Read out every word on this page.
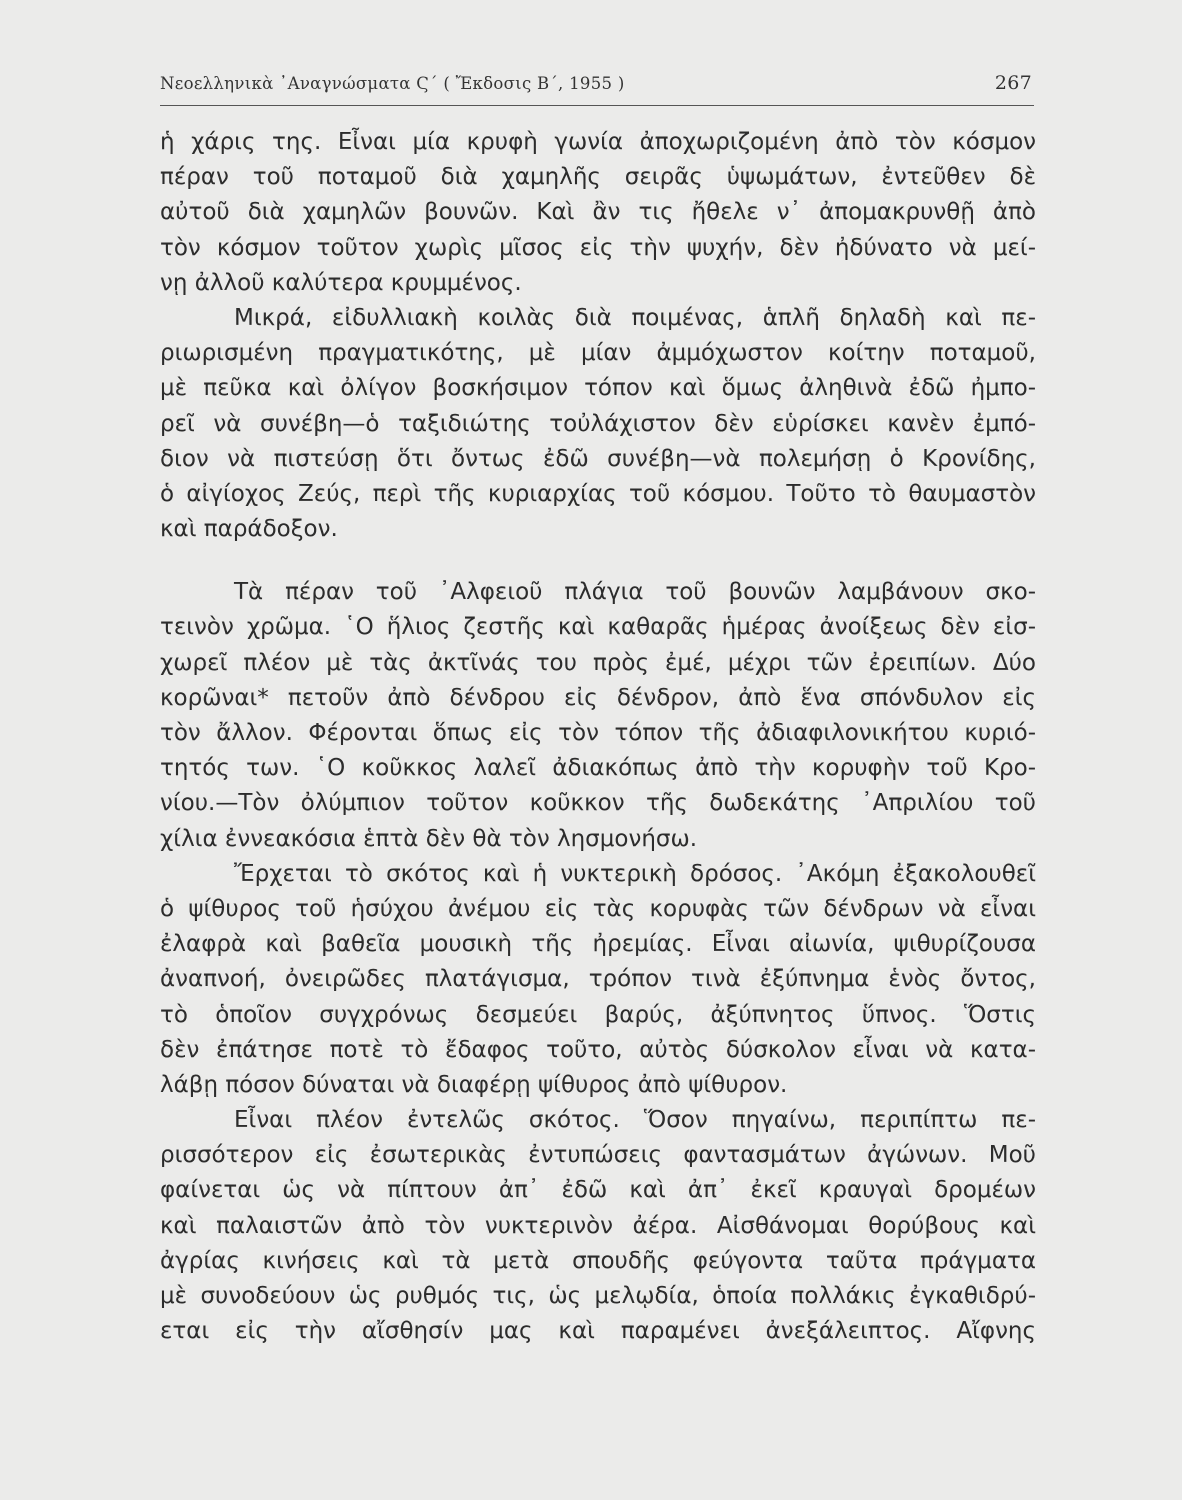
Νεοελληνικὰ ᾿Αναγνώσματα Ϛ΄ ( Ἔκδοσις Β΄, 1955 )	267
ἡ χάρις της. Εἶναι μία κρυφὴ γωνία ἀποχωριζομένη ἀπὸ τὸν κόσμον
πέραν τοῦ ποταμοῦ διὰ χαμηλῆς σειρᾶς ὑψωμάτων, ἐντεῦθεν δὲ
αὐτοῦ διὰ χαμηλῶν βουνῶν. Καὶ ἂν τις ἤθελε ν᾿ ἀπομακρυνθῇ ἀπὸ
τὸν κόσμον τοῦτον χωρὶς μῖσος εἰς τὴν ψυχήν, δὲν ἠδύνατο νὰ μεί-
νῃ ἀλλοῦ καλύτερα κρυμμένος.
Μικρά, εἰδυλλιακὴ κοιλὰς διὰ ποιμένας, ἁπλῆ δηλαδὴ καὶ πε-
ριωρισμένη πραγματικότης, μὲ μίαν ἀμμόχωστον κοίτην ποταμοῦ,
μὲ πεῦκα καὶ ὀλίγον βοσκήσιμον τόπον καὶ ὅμως ἀληθινὰ ἐδῶ ἠμπο-
ρεῖ νὰ συνέβη—ὁ ταξιδιώτης τοὐλάχιστον δὲν εὑρίσκει κανὲν ἐμπό-
διον νὰ πιστεύσῃ ὅτι ὄντως ἐδῶ συνέβη—νὰ πολεμήσῃ ὁ Κρονίδης,
ὁ αἰγίοχος Ζεύς, περὶ τῆς κυριαρχίας τοῦ κόσμου. Τοῦτο τὸ θαυμαστὸν
καὶ παράδοξον.
Τὰ πέραν τοῦ ᾿Αλφειοῦ πλάγια τοῦ βουνῶν λαμβάνουν σκο-
τεινὸν χρῶμα. ῾Ο ἥλιος ζεστῆς καὶ καθαρᾶς ἡμέρας ἀνοίξεως δὲν εἰσ-
χωρεῖ πλέον μὲ τὰς ἀκτῖνάς του πρὸς ἐμέ, μέχρι τῶν ἐρειπίων. Δύο
κορῶναι* πετοῦν ἀπὸ δένδρου εἰς δένδρον, ἀπὸ ἕνα σπόνδυλον εἰς
τὸν ἄλλον. Φέρονται ὅπως εἰς τὸν τόπον τῆς ἀδιαφιλονικήτου κυριό-
τητός των. ῾Ο κοῦκκος λαλεῖ ἀδιακόπως ἀπὸ τὴν κορυφὴν τοῦ Κρο-
νίου.—Τὸν ὀλύμπιον τοῦτον κοῦκκον τῆς δωδεκάτης ᾿Απριλίου τοῦ
χίλια ἐννεακόσια ἑπτὰ δὲν θὰ τὸν λησμονήσω.
Ἔρχεται τὸ σκότος καὶ ἡ νυκτερικὴ δρόσος. ᾿Ακόμη ἐξακολουθεῖ
ὁ ψίθυρος τοῦ ἡσύχου ἀνέμου εἰς τὰς κορυφὰς τῶν δένδρων νὰ εἶναι
ἐλαφρὰ καὶ βαθεῖα μουσικὴ τῆς ἠρεμίας. Εἶναι αἰωνία, ψιθυρίζουσα
ἀναπνοή, ὀνειρῶδες πλατάγισμα, τρόπον τινὰ ἐξύπνημα ἑνὸς ὄντος,
τὸ ὁποῖον συγχρόνως δεσμεύει βαρύς, ἀξύπνητος ὕπνος. Ὅστις
δὲν ἐπάτησε ποτὲ τὸ ἔδαφος τοῦτο, αὐτὸς δύσκολον εἶναι νὰ κατα-
λάβῃ πόσον δύναται νὰ διαφέρῃ ψίθυρος ἀπὸ ψίθυρον.
Εἶναι πλέον ἐντελῶς σκότος. Ὅσον πηγαίνω, περιπίπτω πε-
ρισσότερον εἰς ἐσωτερικὰς ἐντυπώσεις φαντασμάτων ἀγώνων. Μοῦ
φαίνεται ὡς νὰ πίπτουν ἀπ᾿ ἐδῶ καὶ ἀπ᾿ ἐκεῖ κραυγαὶ δρομέων
καὶ παλαιστῶν ἀπὸ τὸν νυκτερινὸν ἀέρα. Αἰσθάνομαι θορύβους καὶ
ἀγρίας κινήσεις καὶ τὰ μετὰ σπουδῆς φεύγοντα ταῦτα πράγματα
μὲ συνοδεύουν ὡς ρυθμός τις, ὡς μελῳδία, ὁποία πολλάκις ἐγκαθιδρύ-
εται εἰς τὴν αἴσθησίν μας καὶ παραμένει ἀνεξάλειπτος. Αἴφνης
